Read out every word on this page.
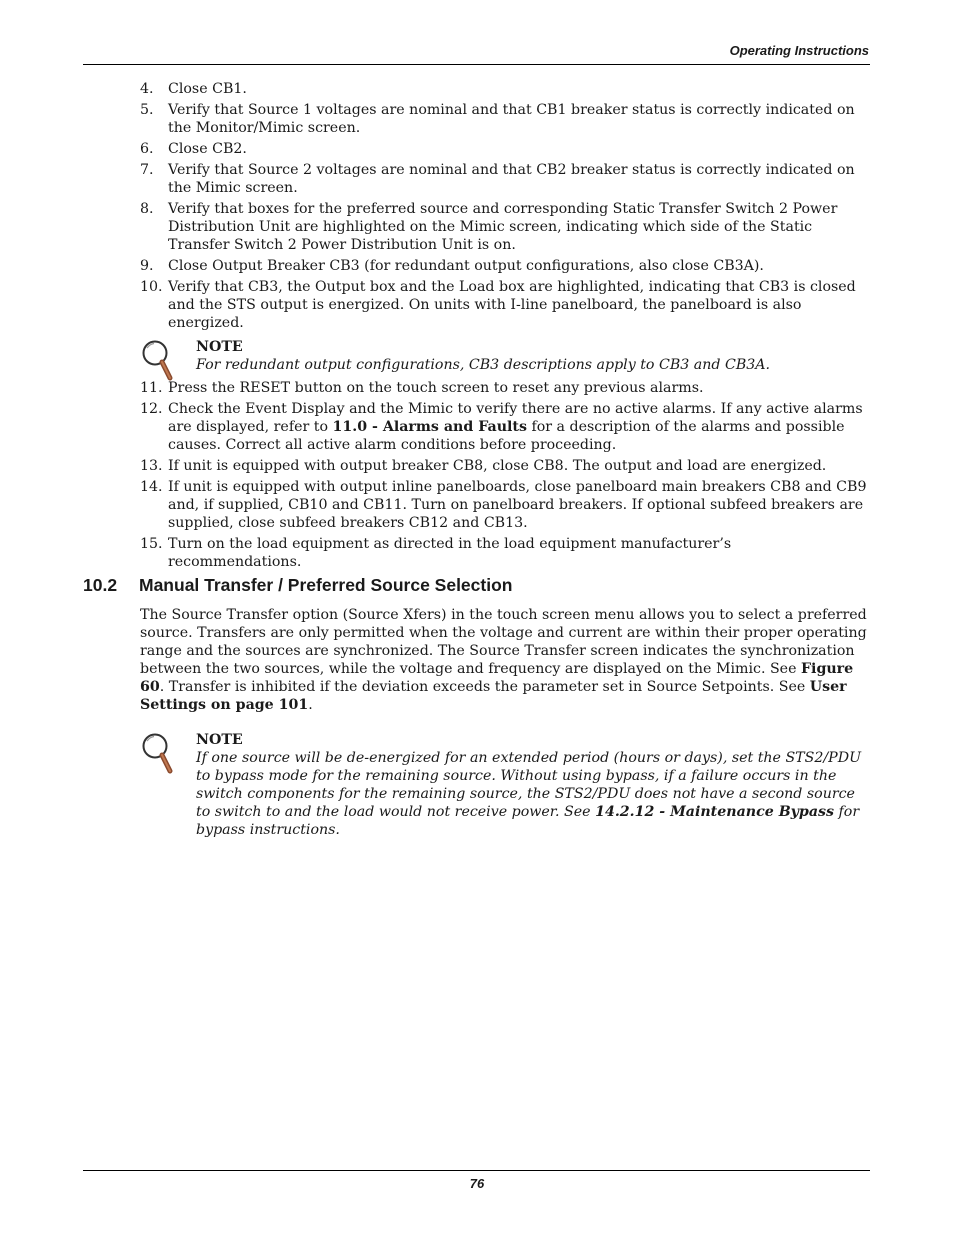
Operating Instructions
4. Close CB1.
5. Verify that Source 1 voltages are nominal and that CB1 breaker status is correctly indicated on the Monitor/Mimic screen.
6. Close CB2.
7. Verify that Source 2 voltages are nominal and that CB2 breaker status is correctly indicated on the Mimic screen.
8. Verify that boxes for the preferred source and corresponding Static Transfer Switch 2 Power Distribution Unit are highlighted on the Mimic screen, indicating which side of the Static Transfer Switch 2 Power Distribution Unit is on.
9. Close Output Breaker CB3 (for redundant output configurations, also close CB3A).
10. Verify that CB3, the Output box and the Load box are highlighted, indicating that CB3 is closed and the STS output is energized. On units with I-line panelboard, the panelboard is also energized.
NOTE
For redundant output configurations, CB3 descriptions apply to CB3 and CB3A.
11. Press the RESET button on the touch screen to reset any previous alarms.
12. Check the Event Display and the Mimic to verify there are no active alarms. If any active alarms are displayed, refer to 11.0 - Alarms and Faults for a description of the alarms and possible causes. Correct all active alarm conditions before proceeding.
13. If unit is equipped with output breaker CB8, close CB8. The output and load are energized.
14. If unit is equipped with output inline panelboards, close panelboard main breakers CB8 and CB9 and, if supplied, CB10 and CB11. Turn on panelboard breakers. If optional subfeed breakers are supplied, close subfeed breakers CB12 and CB13.
15. Turn on the load equipment as directed in the load equipment manufacturer’s recommendations.
10.2 Manual Transfer / Preferred Source Selection
The Source Transfer option (Source Xfers) in the touch screen menu allows you to select a preferred source. Transfers are only permitted when the voltage and current are within their proper operating range and the sources are synchronized. The Source Transfer screen indicates the synchronization between the two sources, while the voltage and frequency are displayed on the Mimic. See Figure 60. Transfer is inhibited if the deviation exceeds the parameter set in Source Setpoints. See User Settings on page 101.
NOTE
If one source will be de-energized for an extended period (hours or days), set the STS2/PDU to bypass mode for the remaining source. Without using bypass, if a failure occurs in the switch components for the remaining source, the STS2/PDU does not have a second source to switch to and the load would not receive power. See 14.2.12 - Maintenance Bypass for bypass instructions.
76
